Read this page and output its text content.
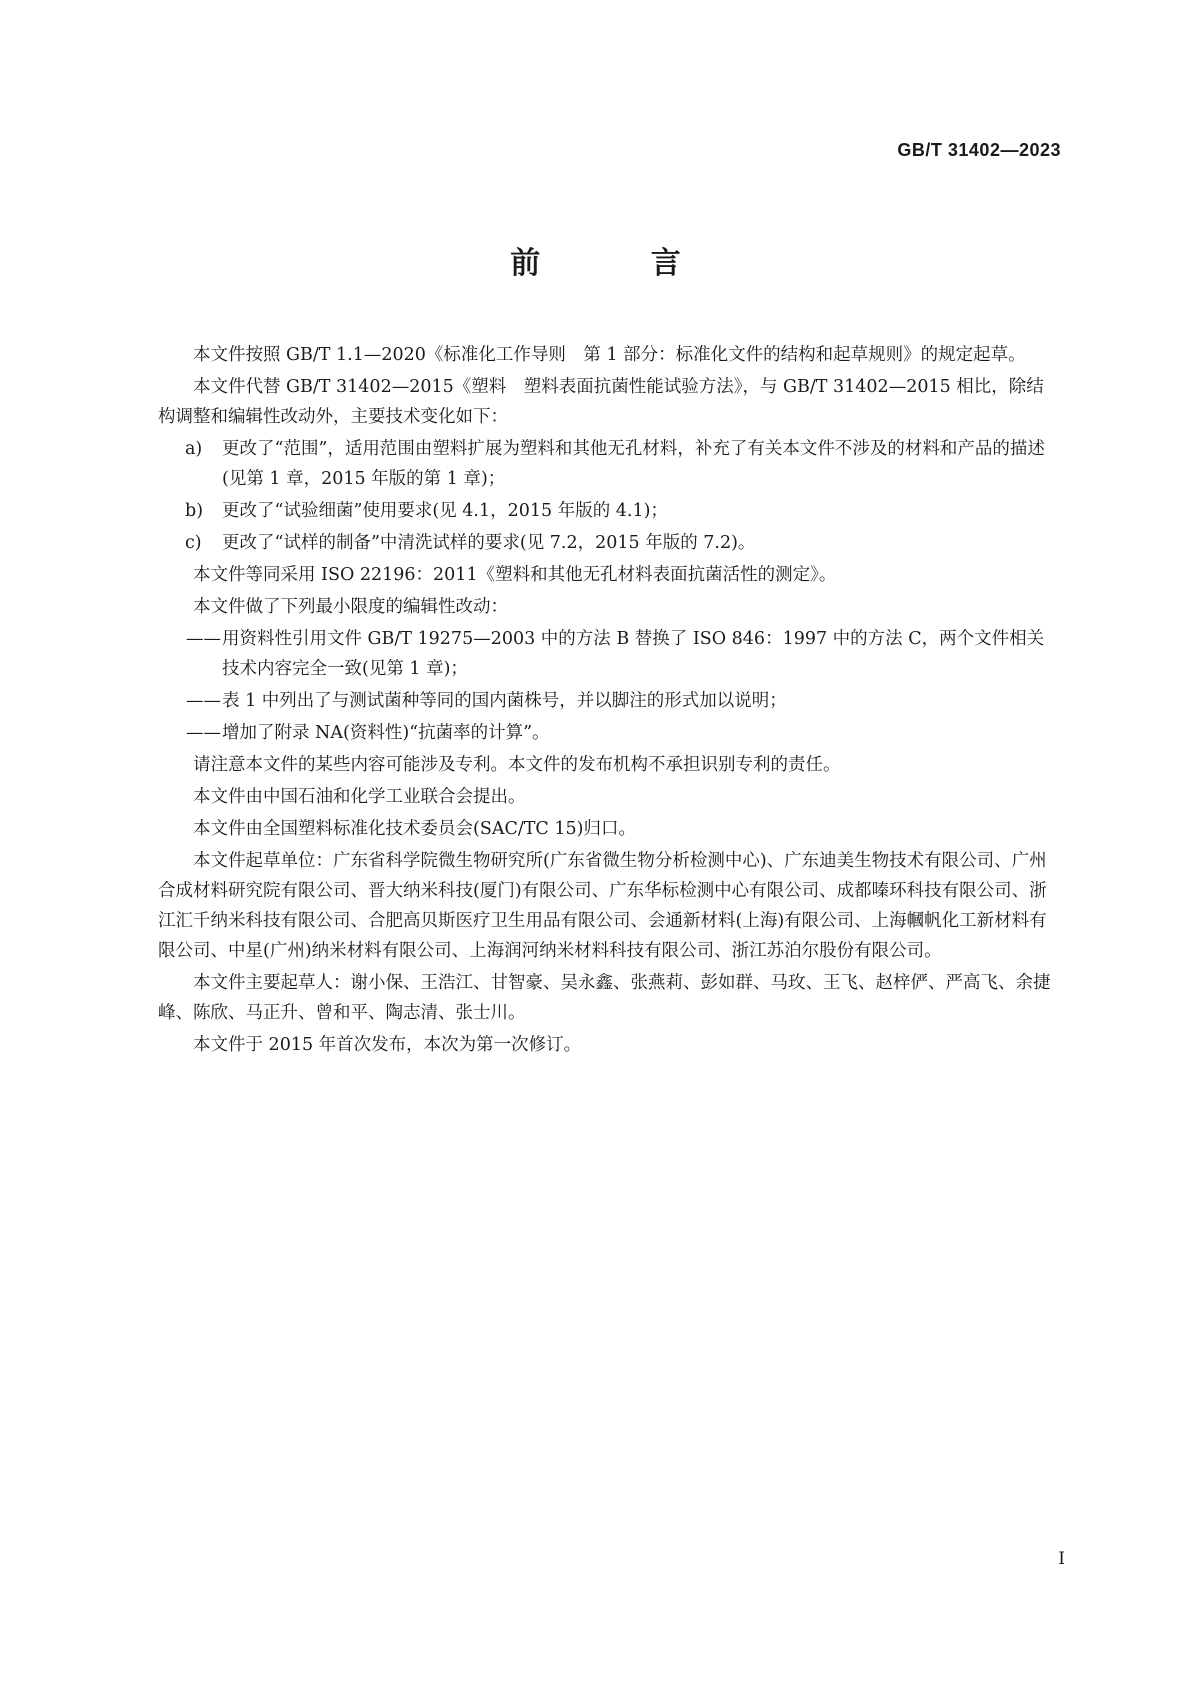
GB/T 31402—2023
前 言

本文件按照 GB/T 1.1—2020《标准化工作导则　第 1 部分：标准化文件的结构和起草规则》的规定起草。

本文件代替 GB/T 31402—2015《塑料　塑料表面抗菌性能试验方法》，与 GB/T 31402—2015 相比，除结构调整和编辑性改动外，主要技术变化如下：

a) 更改了“范围”，适用范围由塑料扩展为塑料和其他无孔材料，补充了有关本文件不涉及的材料和产品的描述(见第 1 章，2015 年版的第 1 章)；
b) 更改了“试验细菌”使用要求(见 4.1，2015 年版的 4.1)；
c) 更改了“试样的制备”中清洗试样的要求(见 7.2，2015 年版的 7.2)。

本文件等同采用 ISO 22196：2011《塑料和其他无孔材料表面抗菌活性的测定》。

本文件做了下列最小限度的编辑性改动：

—— 用资料性引用文件 GB/T 19275—2003 中的方法 B 替换了 ISO 846：1997 中的方法 C，两个文件相关技术内容完全一致(见第 1 章)；
—— 表 1 中列出了与测试菌种等同的国内菌株号，并以脚注的形式加以说明；
—— 增加了附录 NA(资料性)“抗菌率的计算”。

请注意本文件的某些内容可能涉及专利。本文件的发布机构不承担识别专利的责任。

本文件由中国石油和化学工业联合会提出。

本文件由全国塑料标准化技术委员会(SAC/TC 15)归口。

本文件起草单位：广东省科学院微生物研究所(广东省微生物分析检测中心)、广东迪美生物技术有限公司、广州合成材料研究院有限公司、晋大纳米科技(厦门)有限公司、广东华标检测中心有限公司、成都嗪环科技有限公司、浙江汇千纳米科技有限公司、合肥高贝斯医疗卫生用品有限公司、会通新材料(上海)有限公司、上海幗帆化工新材料有限公司、中星(广州)纳米材料有限公司、上海润河纳米材料科技有限公司、浙江苏泊尔股份有限公司。

本文件主要起草人：谢小保、王浩江、甘智豪、吴永鑫、张燕莉、彭如群、马玫、王飞、赵梓俨、严高飞、余捷峰、陈欣、马正升、曾和平、陶志清、张士川。

本文件于 2015 年首次发布，本次为第一次修订。

I
